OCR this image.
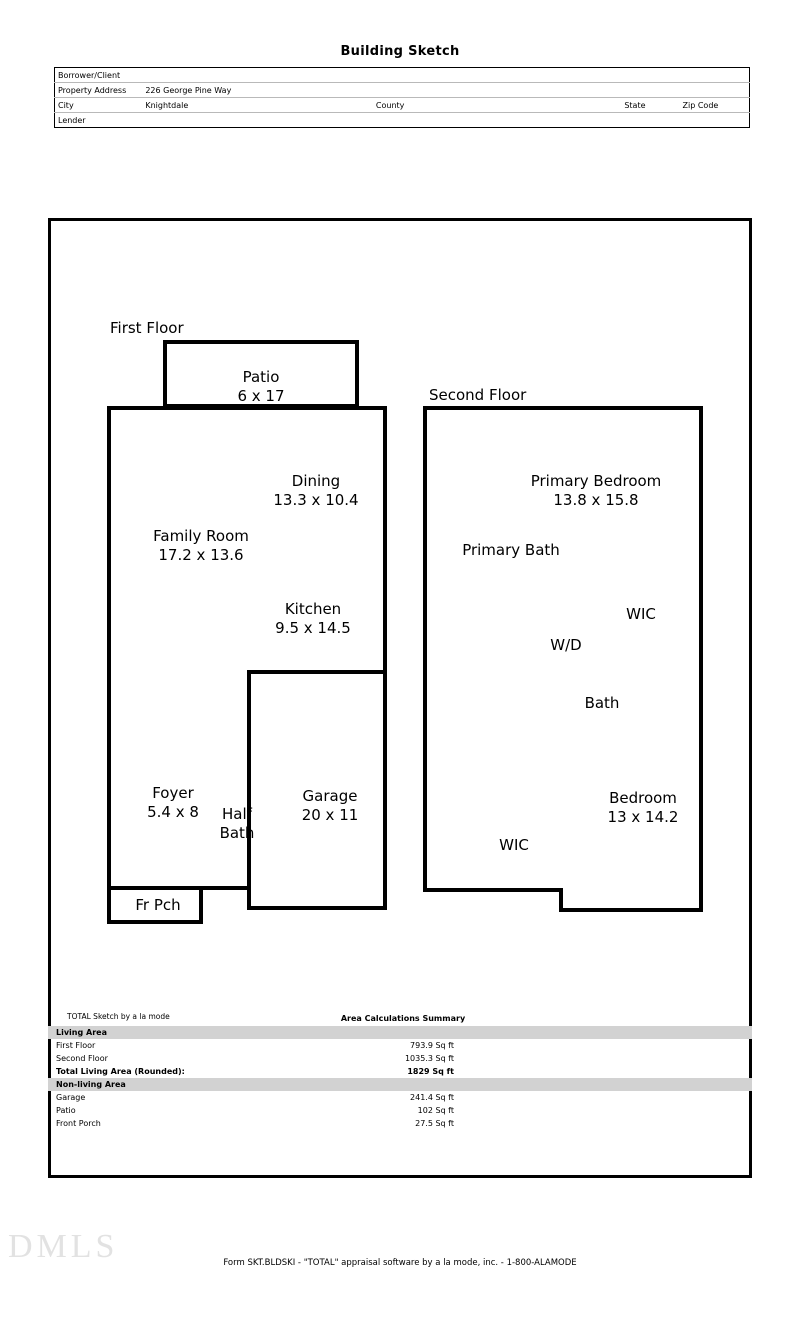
Building Sketch
Borrower/Client					
Property Address	226 George Pine Way				
City	Knightdale	County		State	Zip Code
Lender					
First Floor
Patio
6 x 17
Dining
13.3 x 10.4
Family Room
17.2 x 13.6
Kitchen
9.5 x 14.5
Foyer
5.4 x 8	Half
Bath
Garage
20 x 11
Fr Pch
Second Floor
Primary Bedroom
13.8 x 15.8
Primary Bath
WIC
W/D
Bath
Bedroom
13 x 14.2
WIC
TOTAL Sketch by a la mode	Area Calculations Summary
Living Area		
First Floor	793.9 Sq ft	
Second Floor	1035.3 Sq ft	
Total Living Area (Rounded):	1829 Sq ft	
Non-living Area		
Garage	241.4 Sq ft	
Patio	102 Sq ft	
Front Porch	27.5 Sq ft	
DMLS	Form SKT.BLDSKI - "TOTAL" appraisal software by a la mode, inc. - 1-800-ALAMODE
